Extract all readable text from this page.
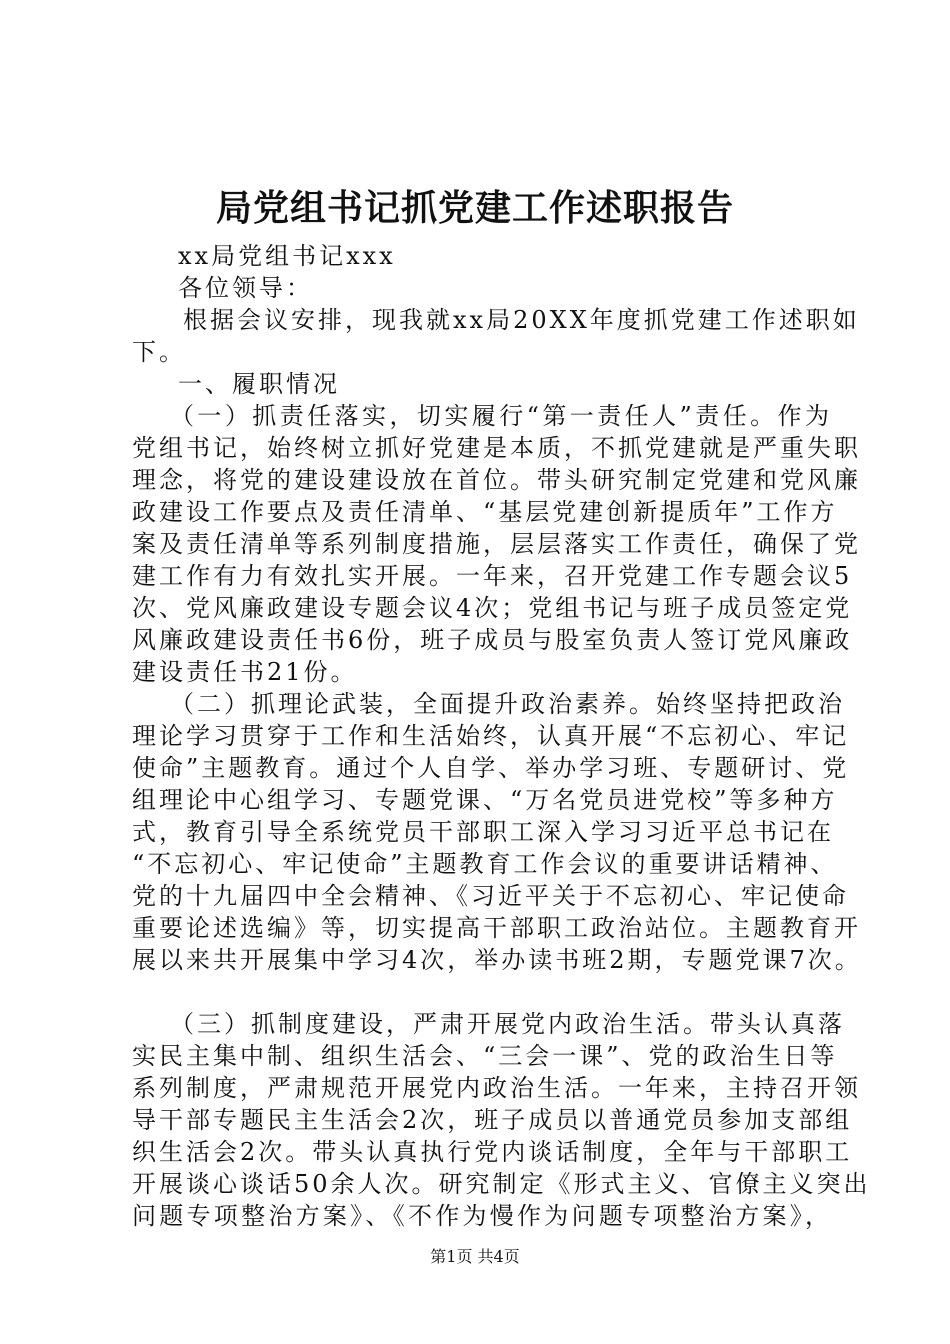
局党组书记抓党建工作述职报告
xx局党组书记xxx
各位领导：
根据会议安排，现我就xx局20XX年度抓党建工作述职如
下。
一、履职情况
（一）抓责任落实，切实履行“第一责任人”责任。作为
党组书记，始终树立抓好党建是本质，不抓党建就是严重失职
理念，将党的建设建设放在首位。带头研究制定党建和党风廉
政建设工作要点及责任清单、“基层党建创新提质年”工作方
案及责任清单等系列制度措施，层层落实工作责任，确保了党
建工作有力有效扎实开展。一年来，召开党建工作专题会议5
次、党风廉政建设专题会议4次；党组书记与班子成员签定党
风廉政建设责任书6份，班子成员与股室负责人签订党风廉政
建设责任书21份。
（二）抓理论武装，全面提升政治素养。始终坚持把政治
理论学习贯穿于工作和生活始终，认真开展“不忘初心、牢记
使命”主题教育。通过个人自学、举办学习班、专题研讨、党
组理论中心组学习、专题党课、“万名党员进党校”等多种方
式，教育引导全系统党员干部职工深入学习习近平总书记在
“不忘初心、牢记使命”主题教育工作会议的重要讲话精神、
党的十九届四中全会精神、《习近平关于不忘初心、牢记使命
重要论述选编》等，切实提高干部职工政治站位。主题教育开
展以来共开展集中学习4次，举办读书班2期，专题党课7次。
（三）抓制度建设，严肃开展党内政治生活。带头认真落
实民主集中制、组织生活会、“三会一课”、党的政治生日等
系列制度，严肃规范开展党内政治生活。一年来，主持召开领
导干部专题民主生活会2次，班子成员以普通党员参加支部组
织生活会2次。带头认真执行党内谈话制度，全年与干部职工
开展谈心谈话50余人次。研究制定《形式主义、官僚主义突出
问题专项整治方案》、《不作为慢作为问题专项整治方案》，
第1页 共4页
